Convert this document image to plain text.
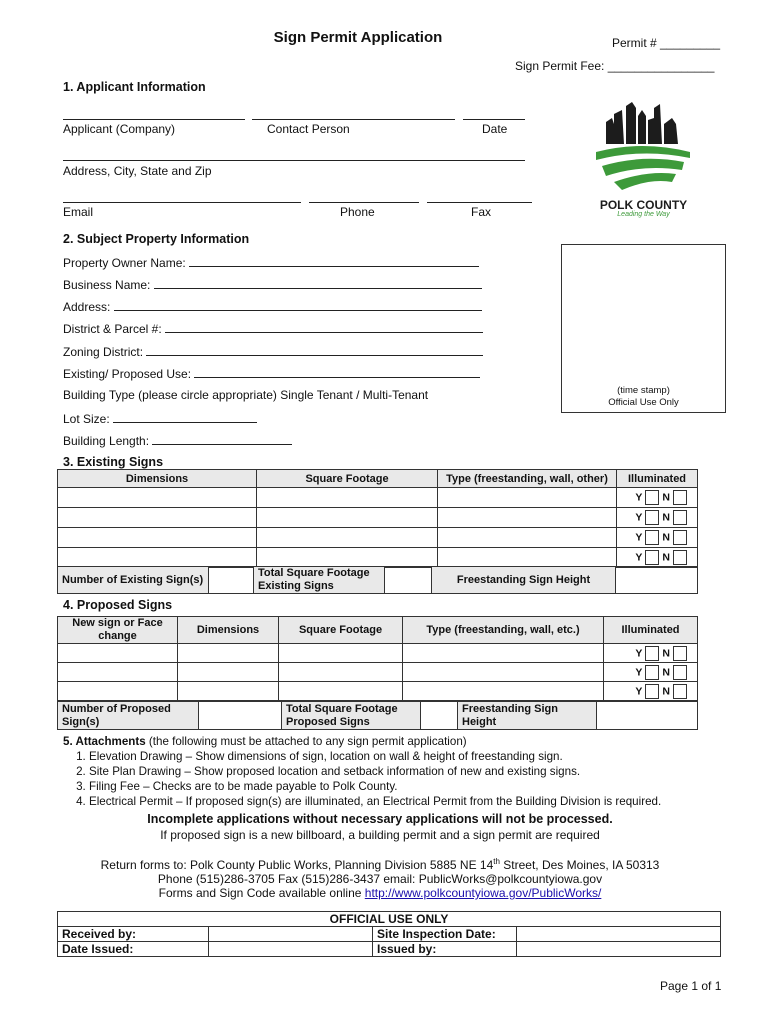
Sign Permit Application	Permit # _________
Sign Permit Fee: ________________
POLK COUNTY
Leading the Way
1. Applicant Information
Applicant (Company)	Contact Person	Date
Address, City, State and Zip
Email	Phone	Fax
2. Subject Property Information
Property Owner Name:
Business Name:
Address:
District & Parcel #:
Zoning District:
Existing/ Proposed Use:
Building Type (please circle appropriate) Single Tenant / Multi-Tenant
Lot Size:
Building Length:
(time stamp)
Official Use Only
3. Existing Signs
Dimensions	Square Footage	Type (freestanding, wall, other)	Illuminated
			Y N
			Y N
			Y N
			Y N
Number of Existing Sign(s)		Total Square Footage Existing Signs		Freestanding Sign Height	
4. Proposed Signs
New sign or Face change	Dimensions	Square Footage	Type (freestanding, wall, etc.)	Illuminated
				Y N
				Y N
				Y N
Number of Proposed Sign(s)		Total Square Footage Proposed Signs		Freestanding Sign Height	
5. Attachments (the following must be attached to any sign permit application)
1. Elevation Drawing – Show dimensions of sign, location on wall & height of freestanding sign.
2. Site Plan Drawing – Show proposed location and setback information of new and existing signs.
3. Filing Fee – Checks are to be made payable to Polk County.
4. Electrical Permit – If proposed sign(s) are illuminated, an Electrical Permit from the Building Division is required.
Incomplete applications without necessary applications will not be processed.
If proposed sign is a new billboard, a building permit and a sign permit are required
Return forms to: Polk County Public Works, Planning Division 5885 NE 14th Street, Des Moines, IA 50313
Phone (515)286-3705 Fax (515)286-3437 email: PublicWorks@polkcountyiowa.gov
Forms and Sign Code available online http://www.polkcountyiowa.gov/PublicWorks/
OFFICIAL USE ONLY			
Received by:		Site Inspection Date:	
Date Issued:		Issued by:	
Page 1 of 1
